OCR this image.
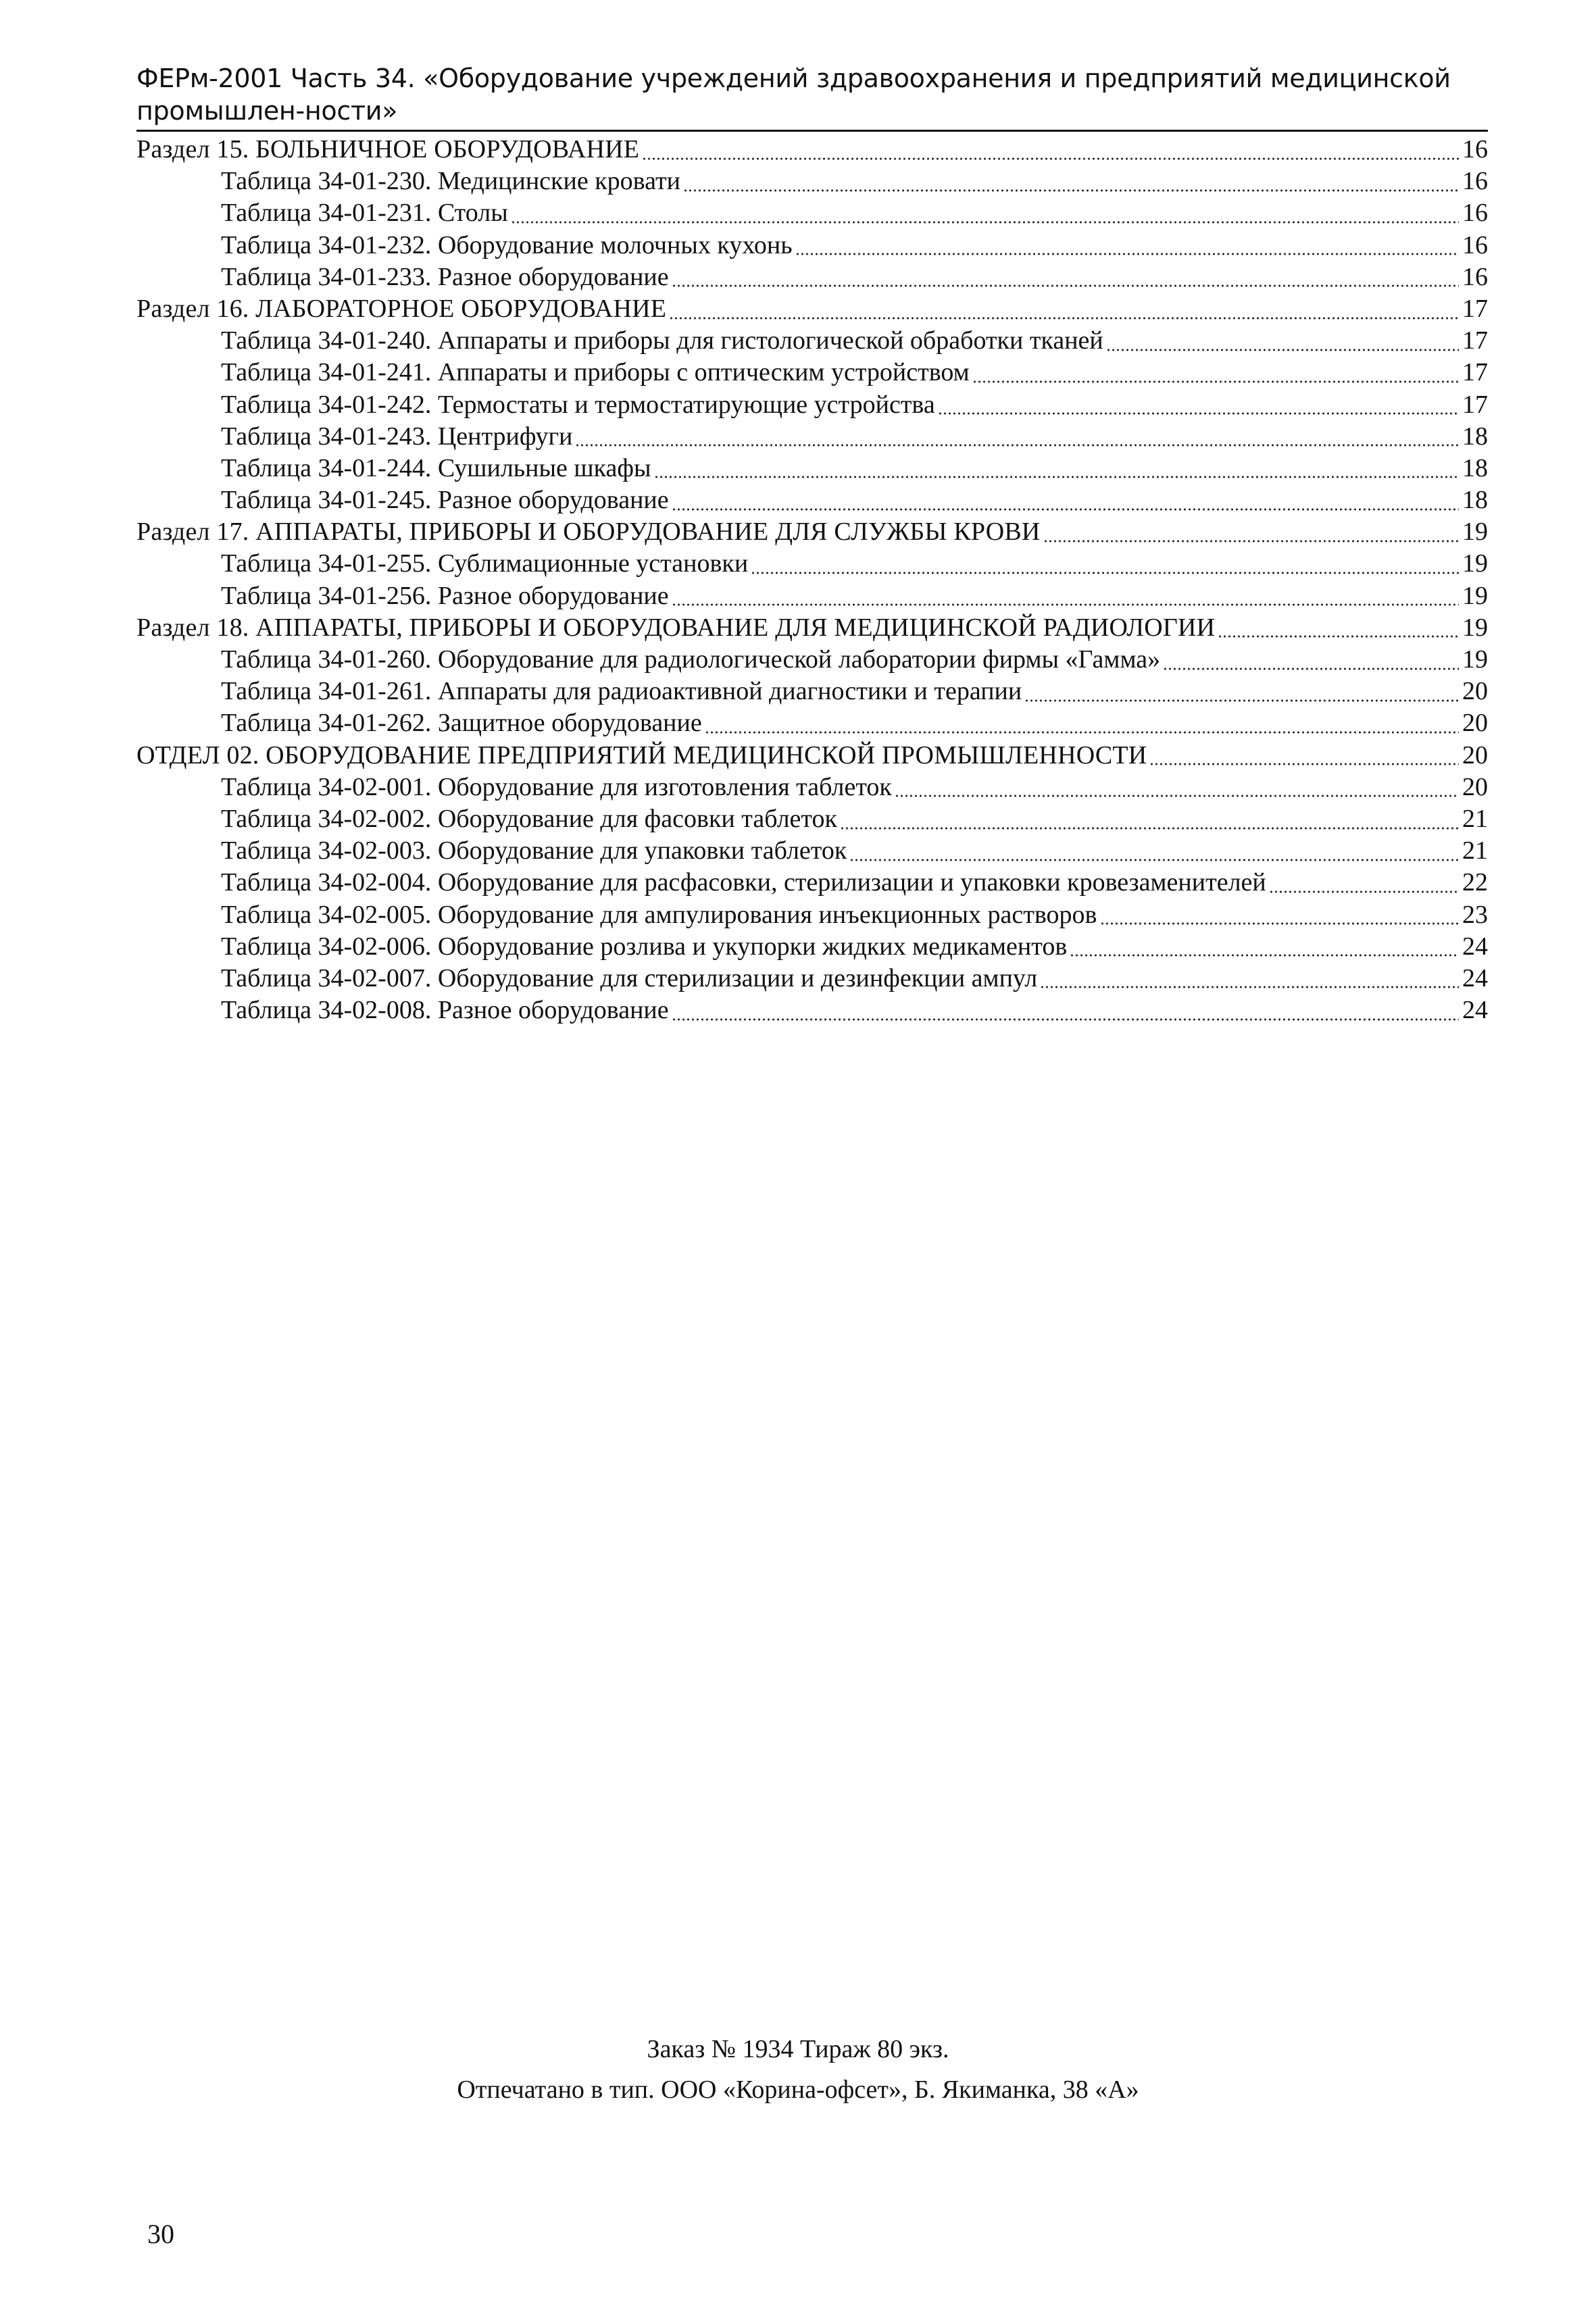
ФЕРм-2001 Часть 34. «Оборудование учреждений здравоохранения и предприятий медицинской промышлен-ности»
Раздел 15. БОЛЬНИЧНОЕ ОБОРУДОВАНИЕ	16
Таблица 34-01-230. Медицинские кровати	16
Таблица 34-01-231. Столы	16
Таблица 34-01-232. Оборудование молочных кухонь	16
Таблица 34-01-233. Разное оборудование	16
Раздел 16. ЛАБОРАТОРНОЕ ОБОРУДОВАНИЕ	17
Таблица 34-01-240. Аппараты и приборы для гистологической обработки тканей	17
Таблица 34-01-241. Аппараты и приборы с оптическим устройством	17
Таблица 34-01-242. Термостаты и термостатирующие устройства	17
Таблица 34-01-243. Центрифуги	18
Таблица 34-01-244. Сушильные шкафы	18
Таблица 34-01-245. Разное оборудование	18
Раздел 17. АППАРАТЫ, ПРИБОРЫ И ОБОРУДОВАНИЕ ДЛЯ СЛУЖБЫ КРОВИ	19
Таблица 34-01-255. Сублимационные установки	19
Таблица 34-01-256. Разное оборудование	19
Раздел 18. АППАРАТЫ, ПРИБОРЫ И ОБОРУДОВАНИЕ ДЛЯ МЕДИЦИНСКОЙ РАДИОЛОГИИ	19
Таблица 34-01-260. Оборудование для радиологической лаборатории фирмы «Гамма»	19
Таблица 34-01-261. Аппараты для радиоактивной диагностики и терапии	20
Таблица 34-01-262. Защитное оборудование	20
ОТДЕЛ 02. ОБОРУДОВАНИЕ ПРЕДПРИЯТИЙ МЕДИЦИНСКОЙ ПРОМЫШЛЕННОСТИ	20
Таблица 34-02-001. Оборудование для изготовления таблеток	20
Таблица 34-02-002. Оборудование для фасовки таблеток	21
Таблица 34-02-003. Оборудование для упаковки таблеток	21
Таблица 34-02-004. Оборудование для расфасовки, стерилизации и упаковки кровезаменителей	22
Таблица 34-02-005. Оборудование для ампулирования инъекционных растворов	23
Таблица 34-02-006. Оборудование розлива и укупорки жидких медикаментов	24
Таблица 34-02-007. Оборудование для стерилизации и дезинфекции ампул	24
Таблица 34-02-008. Разное оборудование	24
Заказ № 1934 Тираж 80 экз.
Отпечатано в тип. ООО «Корина-офсет», Б. Якиманка, 38 «А»
30
